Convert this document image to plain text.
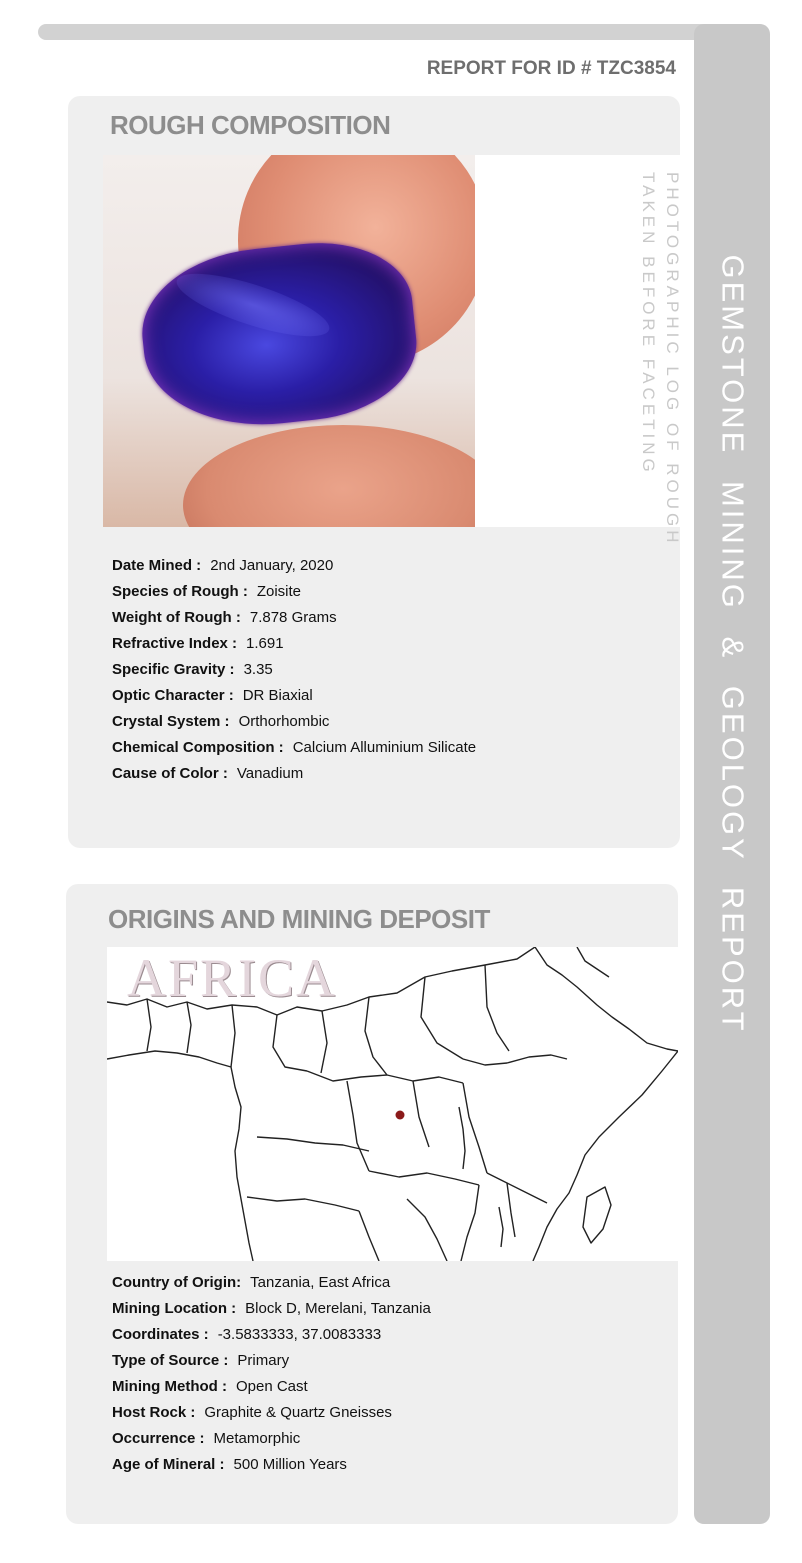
GEMSTONE MINING & GEOLOGY REPORT
REPORT FOR ID # TZC3854
ROUGH COMPOSITION
PHOTOGRAPHIC LOG OF ROUGH
TAKEN BEFORE FACETING
Date Mined : 2nd January, 2020
Species of Rough : Zoisite
Weight of Rough : 7.878 Grams
Refractive Index : 1.691
Specific Gravity : 3.35
Optic Character : DR Biaxial
Crystal System : Orthorhombic
Chemical Composition : Calcium Alluminium Silicate
Cause of Color : Vanadium
ORIGINS AND MINING DEPOSIT
AFRICA
Country of Origin: Tanzania, East Africa
Mining Location : Block D, Merelani, Tanzania
Coordinates : -3.5833333, 37.0083333
Type of Source : Primary
Mining Method : Open Cast
Host Rock : Graphite & Quartz Gneisses
Occurrence : Metamorphic
Age of Mineral : 500 Million Years
